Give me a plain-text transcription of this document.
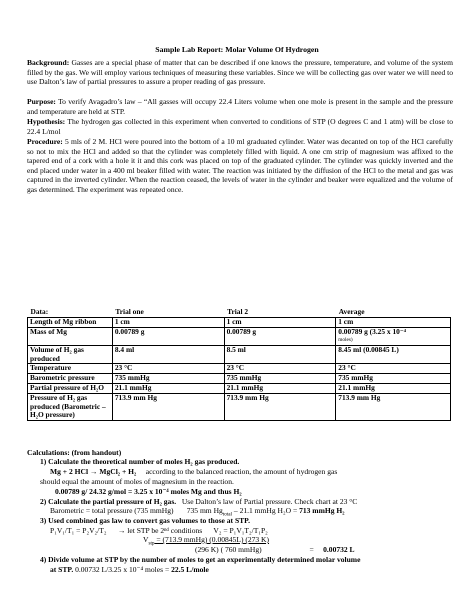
Sample Lab Report: Molar Volume Of Hydrogen
Background: Gasses are a special phase of matter that can be described if one knows the pressure, temperature, and volume of the system filled by the gas. We will employ various techniques of measuring these variables. Since we will be collecting gas over water we will need to use Dalton’s law of partial pressures to assure a proper reading of gas pressure.
Purpose: To verify Avagadro’s law – “All gasses will occupy 22.4 Liters volume when one mole is present in the sample and the pressure and temperature are held at STP.
Hypothesis: The hydrogen gas collected in this experiment when converted to conditions of STP (O degrees C and 1 atm) will be close to 22.4 L/mol
Procedure: 5 mls of 2 M. HCl were poured into the bottom of a 10 ml graduated cylinder. Water was decanted on top of the HCl carefully so not to mix the HCl and added so that the cylinder was completely filled with liquid. A one cm strip of magnesium was affixed to the tapered end of a cork with a hole it it and this cork was placed on top of the graduated cylinder. The cylinder was quickly inverted and the end placed under water in a 400 ml beaker filled with water. The reaction was initiated by the diffusion of the HCl to the metal and gas was captured in the inverted cylinder. When the reaction ceased, the levels of water in the cylinder and beaker were equalized and the volume of gas determined. The experiment was repeated once.
Data:	Trial one	Trial 2	Average
Length of Mg ribbon	1 cm	1 cm	1 cm
Mass of Mg	0.00789 g	0.00789 g	0.00789 g (3.25 x 10⁻⁴
moles)

Volume of H₂ gas produced	8.4 ml	8.5 ml	8.45 ml (0.00845 L)
Temperature	23 °C	23 °C	23 °C
Barometric pressure	735 mmHg	735 mmHg	735 mmHg
Partial pressure of H₂O	21.1 mmHg	21.1 mmHg	21.1 mmHg
Pressure of H₂ gas produced (Barometric – H₂O pressure)	713.9 mm Hg	713.9 mm Hg	713.9 mm Hg
Calculations: (from handout)
1) Calculate the theoretical number of moles H₂ gas produced.
Mg + 2 HCl → MgCl₂ + H₂ according to the balanced reaction, the amount of hydrogen gas
should equal the amount of moles of magnesium in the reaction.
0.00789 g/ 24.32 g/mol = 3.25 x 10⁻⁴ moles Mg and thus H₂
2) Calculate the partial pressure of H₂ gas. Use Dalton’s law of Partial pressure. Check chart at 23 °C
Barometric = total pressure (735 mmHg) 735 mm $Hg_{total} - 21.1$ mmHg H₂O = 713 mmHg H₂
3) Used combined gas law to convert gas volumes to those at STP.
P₁V₁/T₁ = P₂V₂/T₂ → let STP be 2ⁿᵈ conditions V₂ = P₁V₁T₂/T₁P₂
$V_{stp} = (713.9$ mmHg) (0.00845L) (273 K)
(296 K) ( 760 mmHg)	= 0.00732 L
4) Divide volume at STP by the number of moles to get an experimentally determined molar volume
at STP. 0.00732 L/3.25 x 10⁻⁴ moles = 22.5 L/mole
